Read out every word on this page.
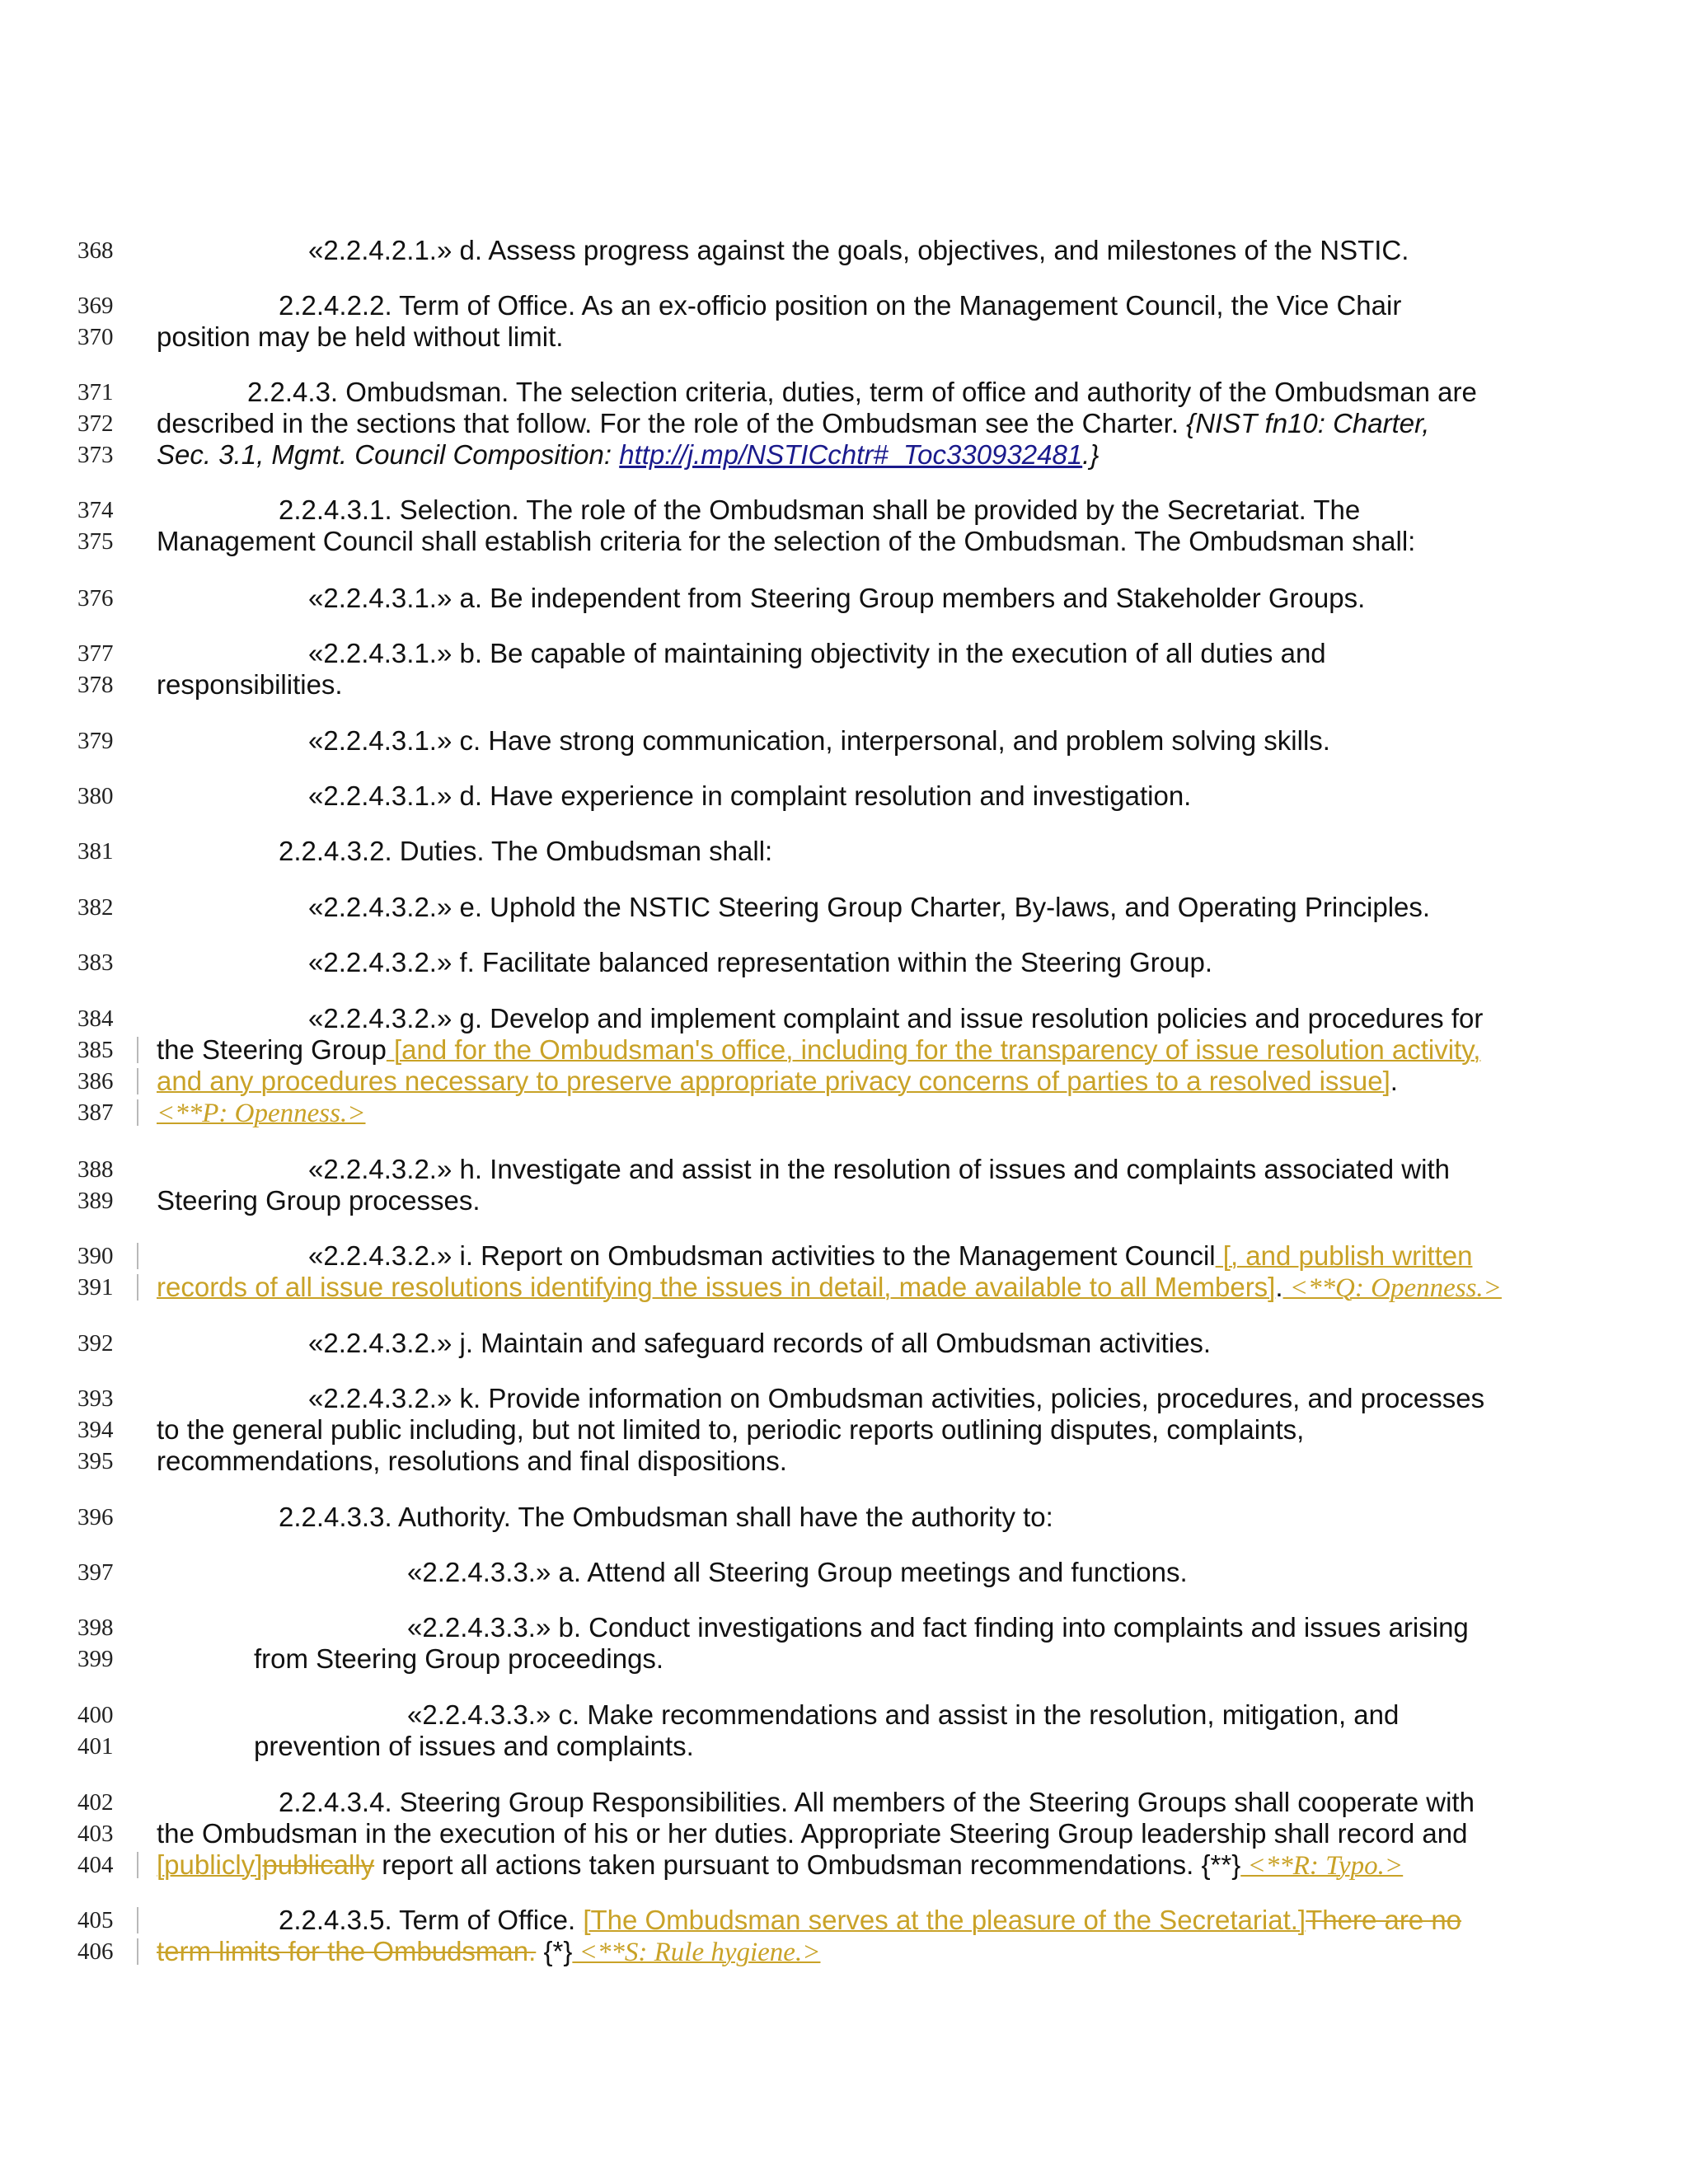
368	«2.2.4.2.1.» d. Assess progress against the goals, objectives, and milestones of the NSTIC.
369	2.2.4.2.2. Term of Office. As an ex-officio position on the Management Council, the Vice Chair
370	position may be held without limit.
371	2.2.4.3. Ombudsman. The selection criteria, duties, term of office and authority of the Ombudsman are
372	described in the sections that follow. For the role of the Ombudsman see the Charter. {NIST fn10: Charter,
373	Sec. 3.1, Mgmt. Council Composition: http://j.mp/NSTICchtr#_Toc330932481.}
374	2.2.4.3.1. Selection. The role of the Ombudsman shall be provided by the Secretariat. The
375	Management Council shall establish criteria for the selection of the Ombudsman. The Ombudsman shall:
376	«2.2.4.3.1.» a. Be independent from Steering Group members and Stakeholder Groups.
377	«2.2.4.3.1.» b. Be capable of maintaining objectivity in the execution of all duties and
378	responsibilities.
379	«2.2.4.3.1.» c. Have strong communication, interpersonal, and problem solving skills.
380	«2.2.4.3.1.» d. Have experience in complaint resolution and investigation.
381	2.2.4.3.2. Duties. The Ombudsman shall:
382	«2.2.4.3.2.» e. Uphold the NSTIC Steering Group Charter, By-laws, and Operating Principles.
383	«2.2.4.3.2.» f. Facilitate balanced representation within the Steering Group.
384	«2.2.4.3.2.» g. Develop and implement complaint and issue resolution policies and procedures for
385	the Steering Group [and for the Ombudsman's office, including for the transparency of issue resolution activity,
386	and any procedures necessary to preserve appropriate privacy concerns of parties to a resolved issue].
387	<**P: Openness.>
388	«2.2.4.3.2.» h. Investigate and assist in the resolution of issues and complaints associated with
389	Steering Group processes.
390	«2.2.4.3.2.» i. Report on Ombudsman activities to the Management Council [, and publish written
391	records of all issue resolutions identifying the issues in detail, made available to all Members]. <**Q: Openness.>
392	«2.2.4.3.2.» j. Maintain and safeguard records of all Ombudsman activities.
393	«2.2.4.3.2.» k. Provide information on Ombudsman activities, policies, procedures, and processes
394	to the general public including, but not limited to, periodic reports outlining disputes, complaints,
395	recommendations, resolutions and final dispositions.
396	2.2.4.3.3. Authority. The Ombudsman shall have the authority to:
397	«2.2.4.3.3.» a. Attend all Steering Group meetings and functions.
398	«2.2.4.3.3.» b. Conduct investigations and fact finding into complaints and issues arising
399	from Steering Group proceedings.
400	«2.2.4.3.3.» c. Make recommendations and assist in the resolution, mitigation, and
401	prevention of issues and complaints.
402	2.2.4.3.4. Steering Group Responsibilities. All members of the Steering Groups shall cooperate with
403	the Ombudsman in the execution of his or her duties. Appropriate Steering Group leadership shall record and
404	[publicly]publically report all actions taken pursuant to Ombudsman recommendations. {**} <**R: Typo.>
405	2.2.4.3.5. Term of Office. [The Ombudsman serves at the pleasure of the Secretariat.]There are no
406	term limits for the Ombudsman. {*} <**S: Rule hygiene.>
